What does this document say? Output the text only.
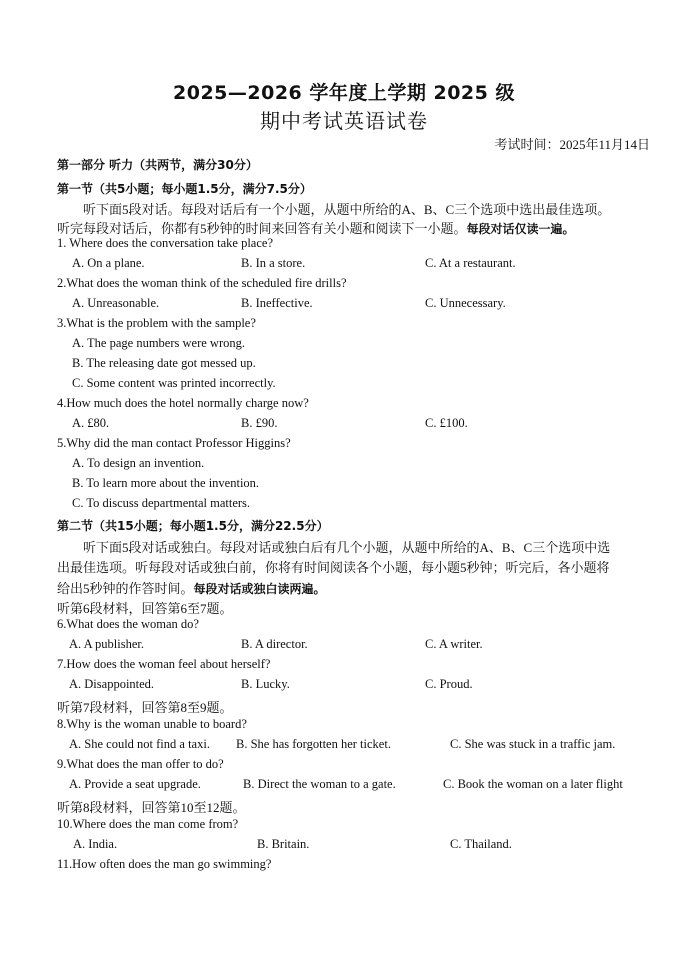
2025—2026 学年度上学期 2025 级
期中考试英语试卷
考试时间：2025年11月14日
第一部分 听力（共两节，满分30分）
第一节（共5小题；每小题1.5分，满分7.5分）
听下面5段对话。每段对话后有一个小题，从题中所给的A、B、C三个选项中选出最佳选项。
听完每段对话后，你都有5秒钟的时间来回答有关小题和阅读下一小题。每段对话仅读一遍。
1. Where does the conversation take place?
A. On a plane.	B. In a store.	C. At a restaurant.
2.What does the woman think of the scheduled fire drills?
A. Unreasonable.	B. Ineffective.	C. Unnecessary.
3.What is the problem with the sample?
A. The page numbers were wrong.
B. The releasing date got messed up.
C. Some content was printed incorrectly.
4.How much does the hotel normally charge now?
A. £80.	B. £90.	C. £100.
5.Why did the man contact Professor Higgins?
A. To design an invention.
B. To learn more about the invention.
C. To discuss departmental matters.
第二节（共15小题；每小题1.5分，满分22.5分）
听下面5段对话或独白。每段对话或独白后有几个小题，从题中所给的A、B、C三个选项中选
出最佳选项。听每段对话或独白前，你将有时间阅读各个小题，每小题5秒钟；听完后，各小题将
给出5秒钟的作答时间。每段对话或独白读两遍。
听第6段材料，回答第6至7题。
6.What does the woman do?
A. A publisher.	B. A director.	C. A writer.
7.How does the woman feel about herself?
A. Disappointed.	B. Lucky.	C. Proud.
听第7段材料，回答第8至9题。
8.Why is the woman unable to board?
A. She could not find a taxi. B. She has forgotten her ticket.	C. She was stuck in a traffic jam.
9.What does the man offer to do?
A. Provide a seat upgrade.	B. Direct the woman to a gate.	C. Book the woman on a later flight
听第8段材料，回答第10至12题。
10.Where does the man come from?
A. India.	B. Britain.	C. Thailand.
11.How often does the man go swimming?
